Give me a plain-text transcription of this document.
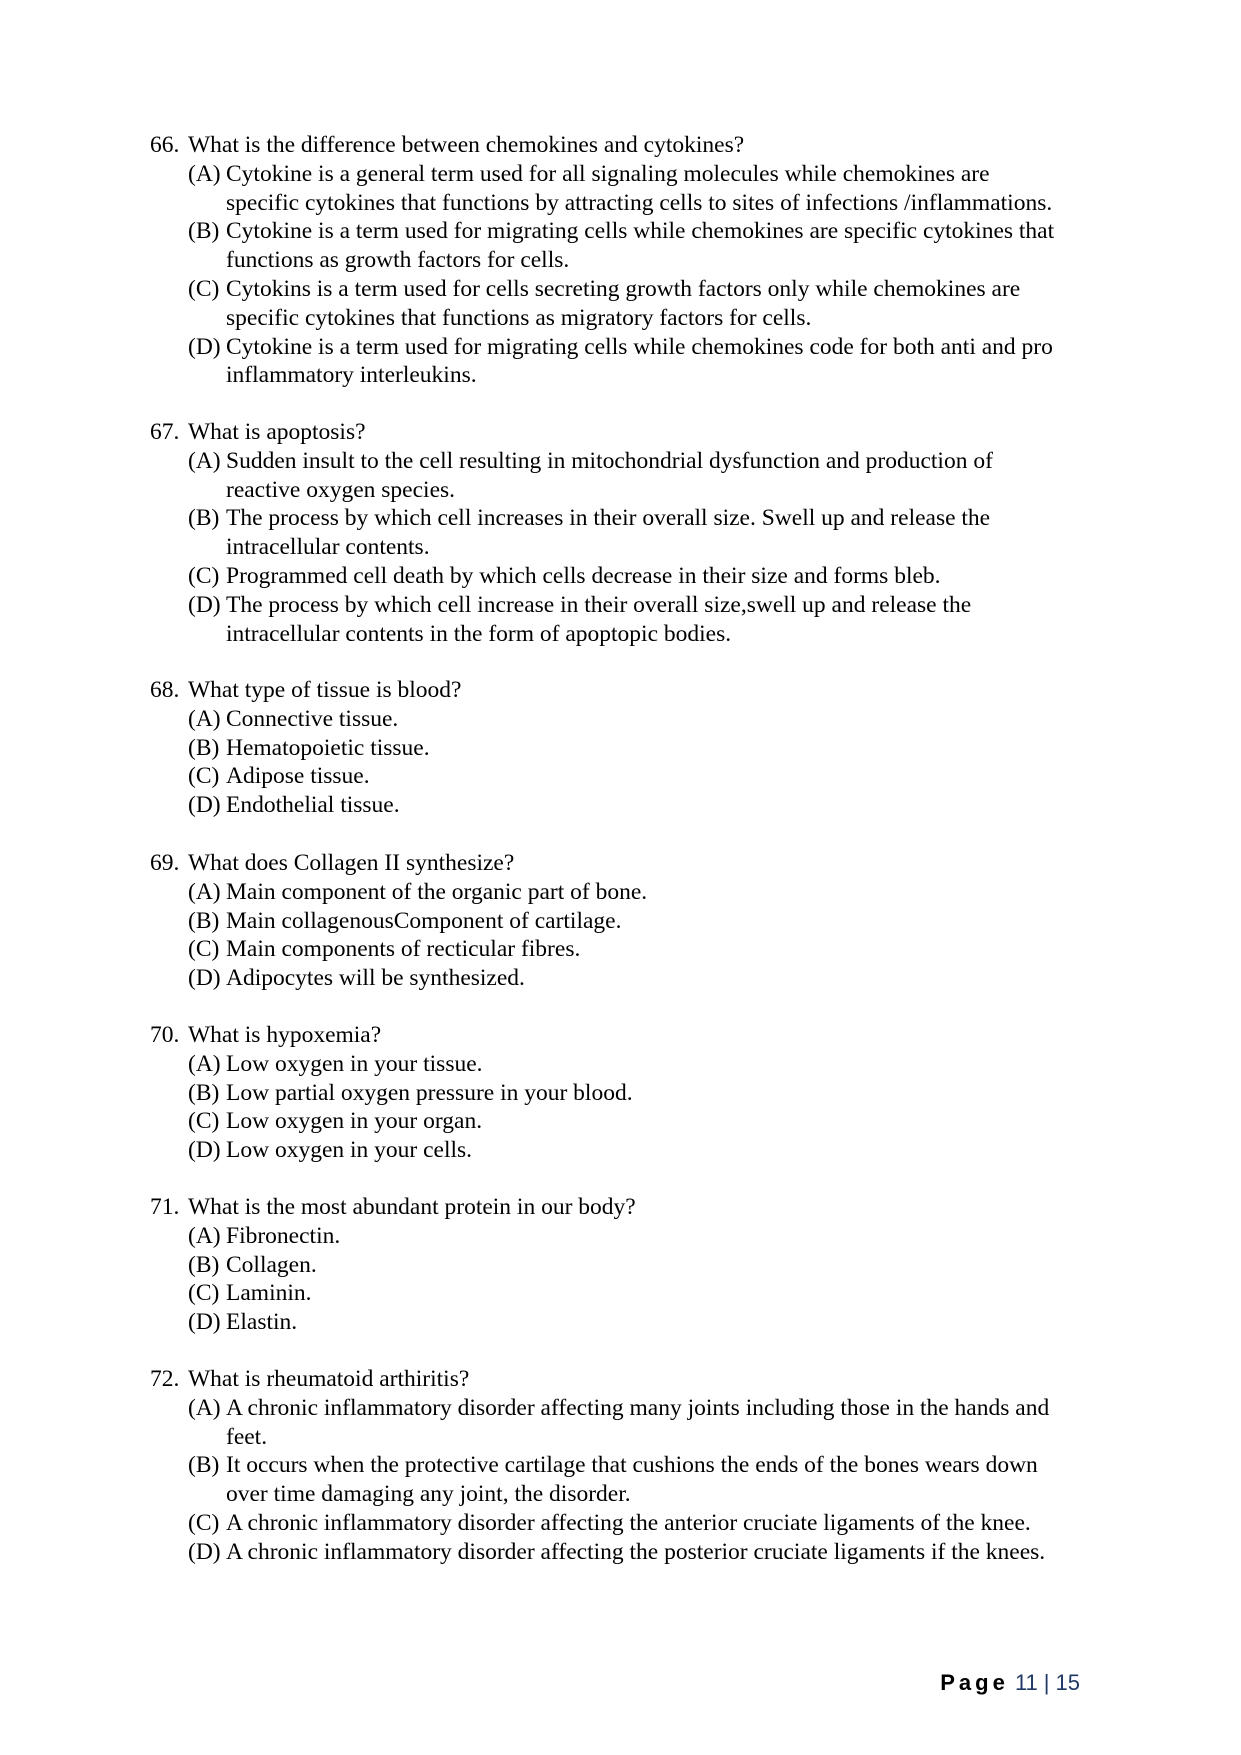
66. What is the difference between chemokines and cytokines?
(A) Cytokine is a general term used for all signaling molecules while chemokines are
specific cytokines that functions by attracting cells to sites of infections /inflammations.
(B) Cytokine is a term used for migrating cells while chemokines are specific cytokines that
functions as growth factors for cells.
(C) Cytokins is a term used for cells secreting growth factors only while chemokines are
specific cytokines that functions as migratory factors for cells.
(D) Cytokine is a term used for migrating cells while chemokines code for both anti and pro
inflammatory interleukins.
67. What is apoptosis?
(A) Sudden insult to the cell resulting in mitochondrial dysfunction and production of
reactive oxygen species.
(B) The process by which cell increases in their overall size. Swell up and release the
intracellular contents.
(C) Programmed cell death by which cells decrease in their size and forms bleb.
(D) The process by which cell increase in their overall size,swell up and release the
intracellular contents in the form of apoptopic bodies.
68. What type of tissue is blood?
(A) Connective tissue.
(B) Hematopoietic tissue.
(C) Adipose tissue.
(D) Endothelial tissue.
69. What does Collagen II synthesize?
(A) Main component of the organic part of bone.
(B) Main collagenousComponent of cartilage.
(C) Main components of recticular fibres.
(D) Adipocytes will be synthesized.
70. What is hypoxemia?
(A) Low oxygen in your tissue.
(B) Low partial oxygen pressure in your blood.
(C) Low oxygen in your organ.
(D) Low oxygen in your cells.
71. What is the most abundant protein in our body?
(A) Fibronectin.
(B) Collagen.
(C) Laminin.
(D) Elastin.
72. What is rheumatoid arthiritis?
(A) A chronic inflammatory disorder affecting many joints including those in the hands and
feet.
(B) It occurs when the protective cartilage that cushions the ends of the bones wears down
over time damaging any joint, the disorder.
(C) A chronic inflammatory disorder affecting the anterior cruciate ligaments of the knee.
(D) A chronic inflammatory disorder affecting the posterior cruciate ligaments if the knees.
Page 11 | 15
